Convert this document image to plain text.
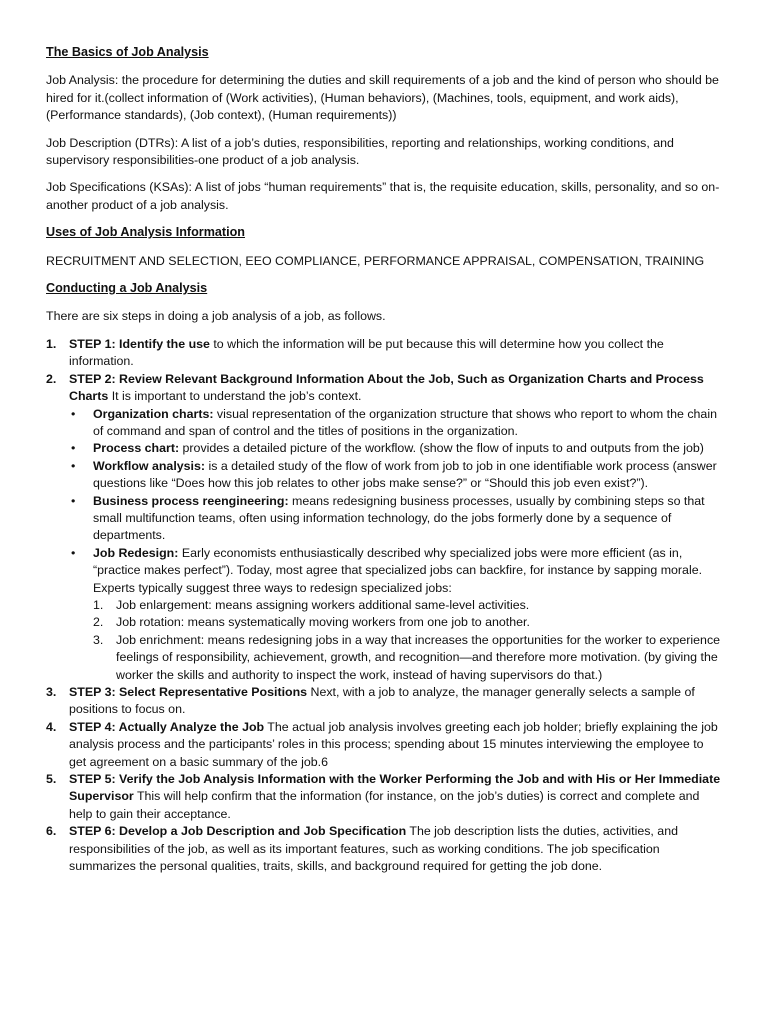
The Basics of Job Analysis

Job Analysis: the procedure for determining the duties and skill requirements of a job and the kind of person who should be hired for it.(collect information of (Work activities), (Human behaviors), (Machines, tools, equipment, and work aids), (Performance standards), (Job context), (Human requirements))

Job Description (DTRs): A list of a job’s duties, responsibilities, reporting and relationships, working conditions, and supervisory responsibilities-one product of a job analysis.

Job Specifications (KSAs): A list of jobs “human requirements” that is, the requisite education, skills, personality, and so on-another product of a job analysis.

Uses of Job Analysis Information

RECRUITMENT AND SELECTION, EEO COMPLIANCE, PERFORMANCE APPRAISAL, COMPENSATION, TRAINING

Conducting a Job Analysis

There are six steps in doing a job analysis of a job, as follows.

1. STEP 1: Identify the use to which the information will be put because this will determine how you collect the information.
2. STEP 2: Review Relevant Background Information About the Job, Such as Organization Charts and Process Charts It is important to understand the job’s context.
• Organization charts: visual representation of the organization structure that shows who report to whom the chain of command and span of control and the titles of positions in the organization.
• Process chart: provides a detailed picture of the workflow. (show the flow of inputs to and outputs from the job)
• Workflow analysis: is a detailed study of the flow of work from job to job in one identifiable work process (answer questions like “Does how this job relates to other jobs make sense?” or “Should this job even exist?”).
• Business process reengineering: means redesigning business processes, usually by combining steps so that small multifunction teams, often using information technology, do the jobs formerly done by a sequence of departments.
• Job Redesign: Early economists enthusiastically described why specialized jobs were more efficient (as in, “practice makes perfect”). Today, most agree that specialized jobs can backfire, for instance by sapping morale. Experts typically suggest three ways to redesign specialized jobs:
1. Job enlargement: means assigning workers additional same-level activities.
2. Job rotation: means systematically moving workers from one job to another.
3. Job enrichment: means redesigning jobs in a way that increases the opportunities for the worker to experience feelings of responsibility, achievement, growth, and recognition—and therefore more motivation. (by giving the worker the skills and authority to inspect the work, instead of having supervisors do that.)
3. STEP 3: Select Representative Positions Next, with a job to analyze, the manager generally selects a sample of positions to focus on.
4. STEP 4: Actually Analyze the Job The actual job analysis involves greeting each job holder; briefly explaining the job analysis process and the participants’ roles in this process; spending about 15 minutes interviewing the employee to get agreement on a basic summary of the job.6
5. STEP 5: Verify the Job Analysis Information with the Worker Performing the Job and with His or Her Immediate Supervisor This will help confirm that the information (for instance, on the job’s duties) is correct and complete and help to gain their acceptance.
6. STEP 6: Develop a Job Description and Job Specification The job description lists the duties, activities, and responsibilities of the job, as well as its important features, such as working conditions. The job specification summarizes the personal qualities, traits, skills, and background required for getting the job done.
